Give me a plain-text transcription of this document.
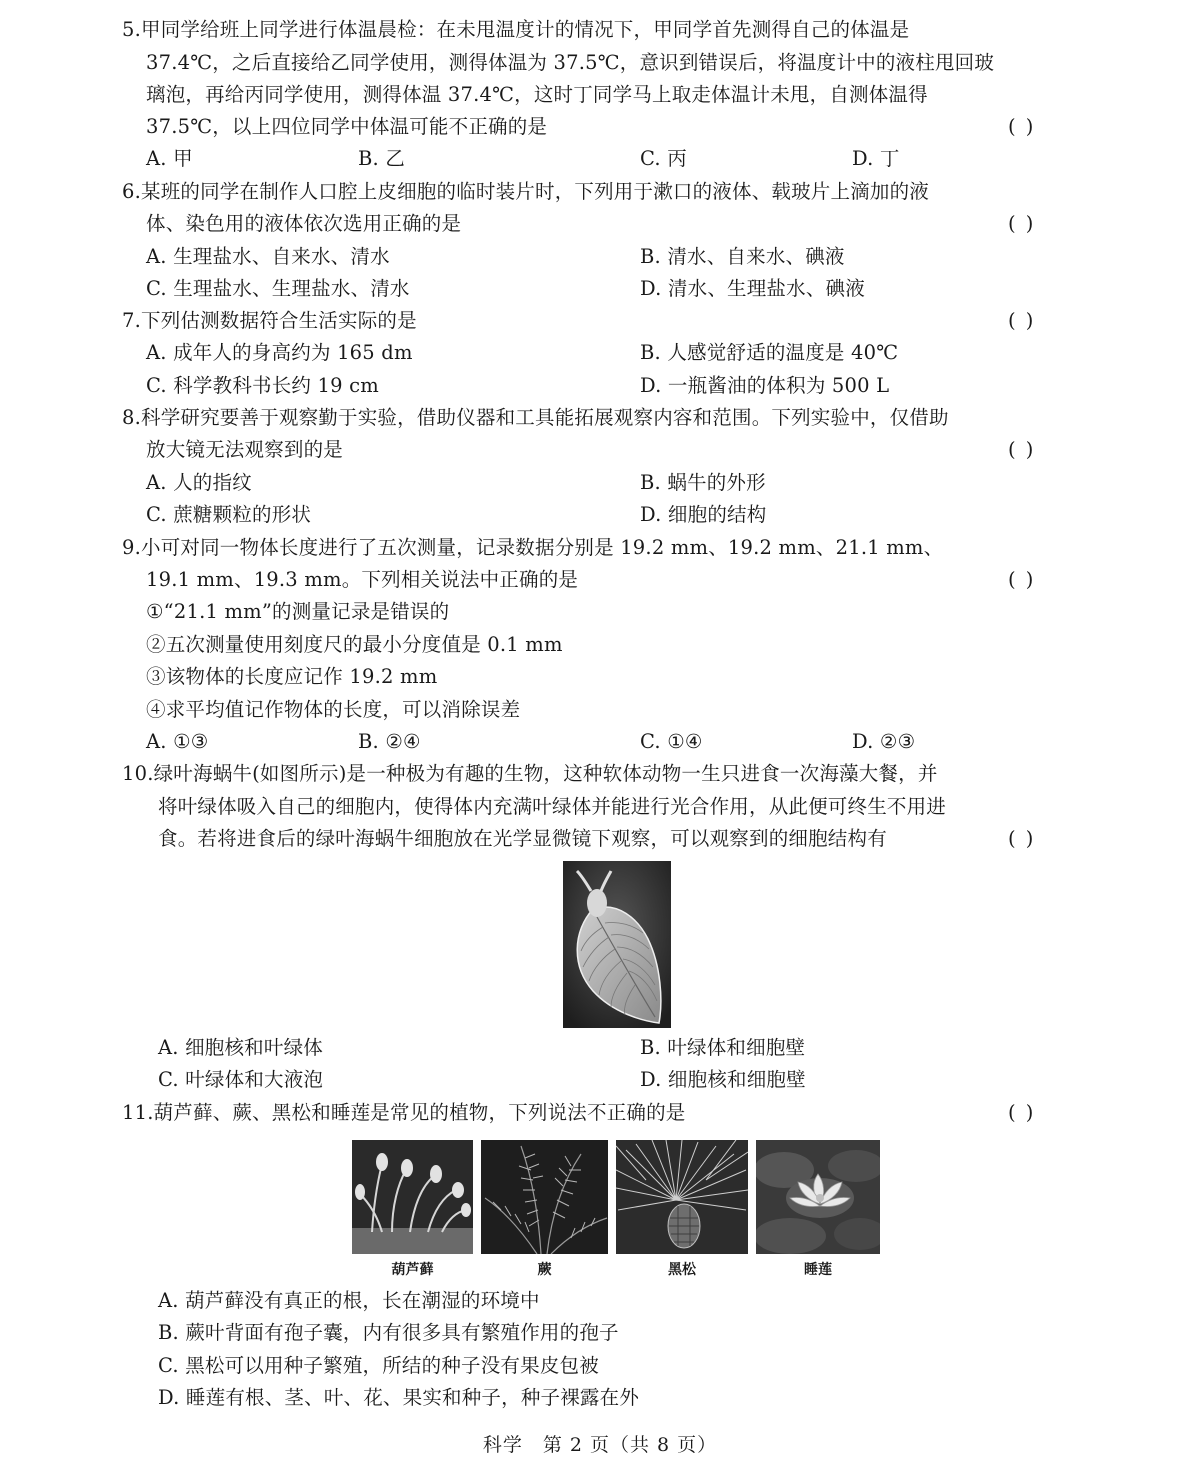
5.甲同学给班上同学进行体温晨检：在未甩温度计的情况下，甲同学首先测得自己的体温是
37.4℃，之后直接给乙同学使用，测得体温为 37.5℃，意识到错误后，将温度计中的液柱甩回玻
璃泡，再给丙同学使用，测得体温 37.4℃，这时丁同学马上取走体温计未甩，自测体温得
37.5℃，以上四位同学中体温可能不正确的是	( )
A. 甲	B. 乙	C. 丙	D. 丁
6.某班的同学在制作人口腔上皮细胞的临时装片时，下列用于漱口的液体、载玻片上滴加的液
体、染色用的液体依次选用正确的是	( )
A. 生理盐水、自来水、清水	B. 清水、自来水、碘液
C. 生理盐水、生理盐水、清水	D. 清水、生理盐水、碘液
7.下列估测数据符合生活实际的是	( )
A. 成年人的身高约为 165 dm	B. 人感觉舒适的温度是 40℃
C. 科学教科书长约 19 cm	D. 一瓶酱油的体积为 500 L
8.科学研究要善于观察勤于实验，借助仪器和工具能拓展观察内容和范围。下列实验中，仅借助
放大镜无法观察到的是	( )
A. 人的指纹	B. 蜗牛的外形
C. 蔗糖颗粒的形状	D. 细胞的结构
9.小可对同一物体长度进行了五次测量，记录数据分别是 19.2 mm、19.2 mm、21.1 mm、
19.1 mm、19.3 mm。下列相关说法中正确的是	( )
①“21.1 mm”的测量记录是错误的
②五次测量使用刻度尺的最小分度值是 0.1 mm
③该物体的长度应记作 19.2 mm
④求平均值记作物体的长度，可以消除误差
A. ①③	B. ②④	C. ①④	D. ②③
10.绿叶海蜗牛(如图所示)是一种极为有趣的生物，这种软体动物一生只进食一次海藻大餐，并
将叶绿体吸入自己的细胞内，使得体内充满叶绿体并能进行光合作用，从此便可终生不用进
食。若将进食后的绿叶海蜗牛细胞放在光学显微镜下观察，可以观察到的细胞结构有	( )
A. 细胞核和叶绿体	B. 叶绿体和细胞壁
C. 叶绿体和大液泡	D. 细胞核和细胞壁
11.葫芦藓、蕨、黑松和睡莲是常见的植物，下列说法不正确的是	( )
葫芦藓	蕨	黑松	睡莲
A. 葫芦藓没有真正的根，长在潮湿的环境中
B. 蕨叶背面有孢子囊，内有很多具有繁殖作用的孢子
C. 黑松可以用种子繁殖，所结的种子没有果皮包被
D. 睡莲有根、茎、叶、花、果实和种子，种子裸露在外
科学　第 2 页（共 8 页）
